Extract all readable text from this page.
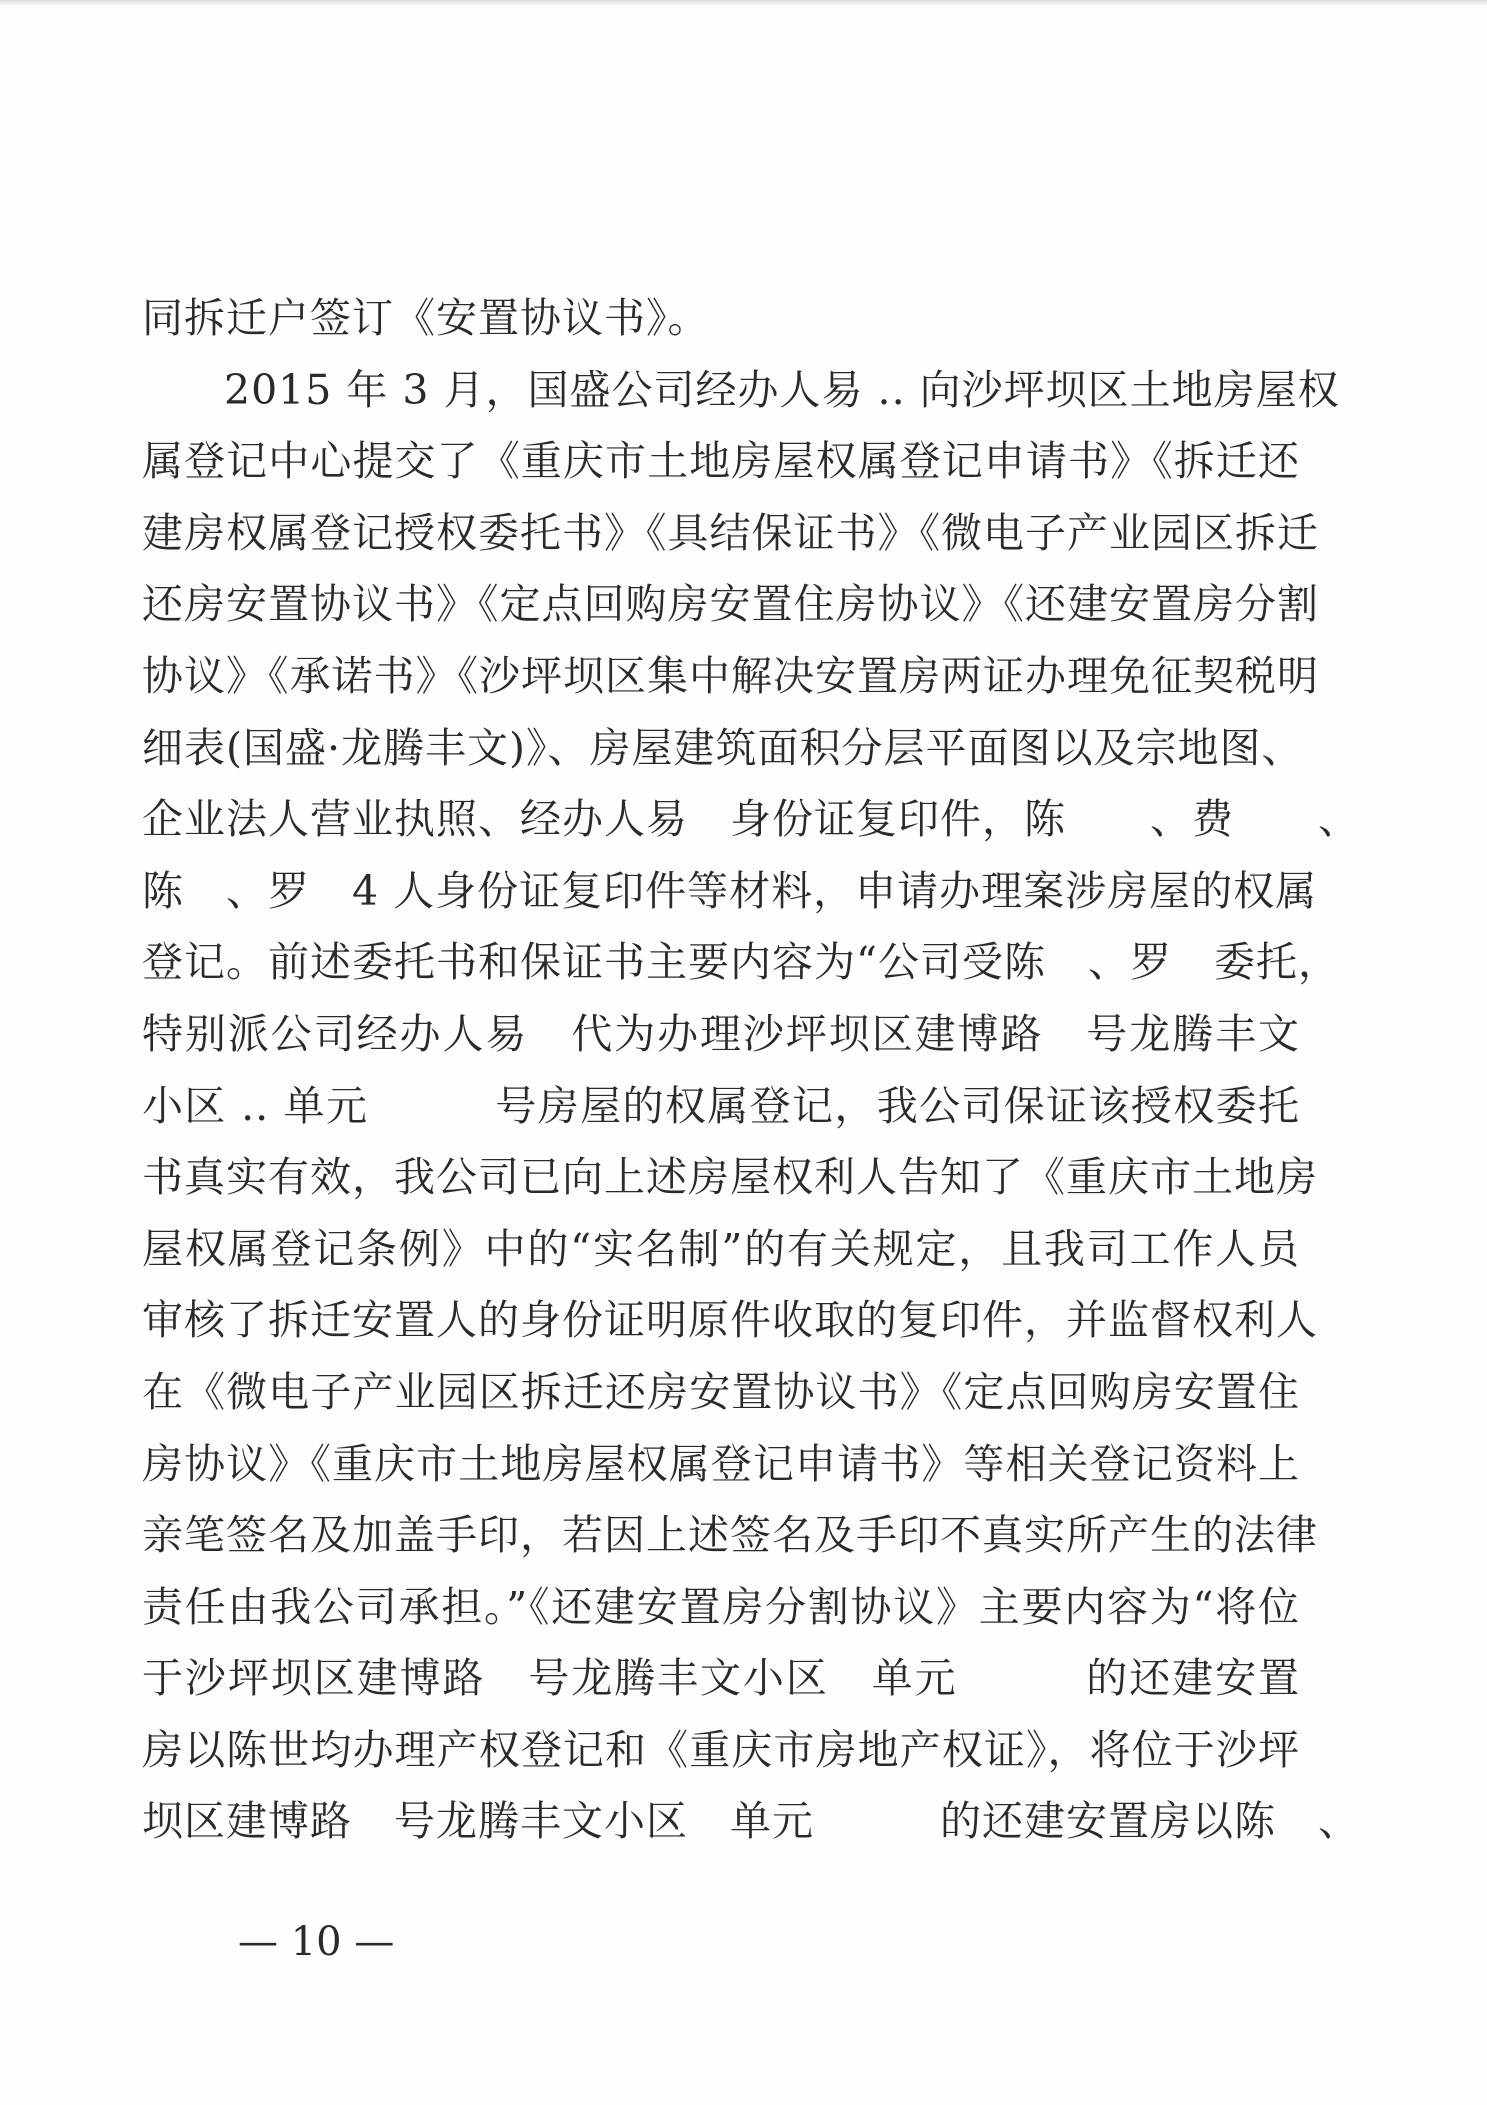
同拆迁户签订《安置协议书》。
2015 年 3 月，国盛公司经办人易 .. 向沙坪坝区土地房屋权
属登记中心提交了《重庆市土地房屋权属登记申请书》《拆迁还
建房权属登记授权委托书》《具结保证书》《微电子产业园区拆迁
还房安置协议书》《定点回购房安置住房协议》《还建安置房分割
协议》《承诺书》《沙坪坝区集中解决安置房两证办理免征契税明
细表(国盛·龙腾丰文)》、房屋建筑面积分层平面图以及宗地图、
企业法人营业执照、经办人易　身份证复印件，陈　　、费　　、
陈　、罗　4 人身份证复印件等材料，申请办理案涉房屋的权属
登记。前述委托书和保证书主要内容为“公司受陈　、罗　委托，
特别派公司经办人易　代为办理沙坪坝区建博路　号龙腾丰文
小区 .. 单元　　　号房屋的权属登记，我公司保证该授权委托
书真实有效，我公司已向上述房屋权利人告知了《重庆市土地房
屋权属登记条例》中的“实名制”的有关规定，且我司工作人员
审核了拆迁安置人的身份证明原件收取的复印件，并监督权利人
在《微电子产业园区拆迁还房安置协议书》《定点回购房安置住
房协议》《重庆市土地房屋权属登记申请书》等相关登记资料上
亲笔签名及加盖手印，若因上述签名及手印不真实所产生的法律
责任由我公司承担。”《还建安置房分割协议》主要内容为“将位
于沙坪坝区建博路　号龙腾丰文小区　单元　　　的还建安置
房以陈世均办理产权登记和《重庆市房地产权证》，将位于沙坪
坝区建博路　号龙腾丰文小区　单元　　　的还建安置房以陈　、
— 10 —
